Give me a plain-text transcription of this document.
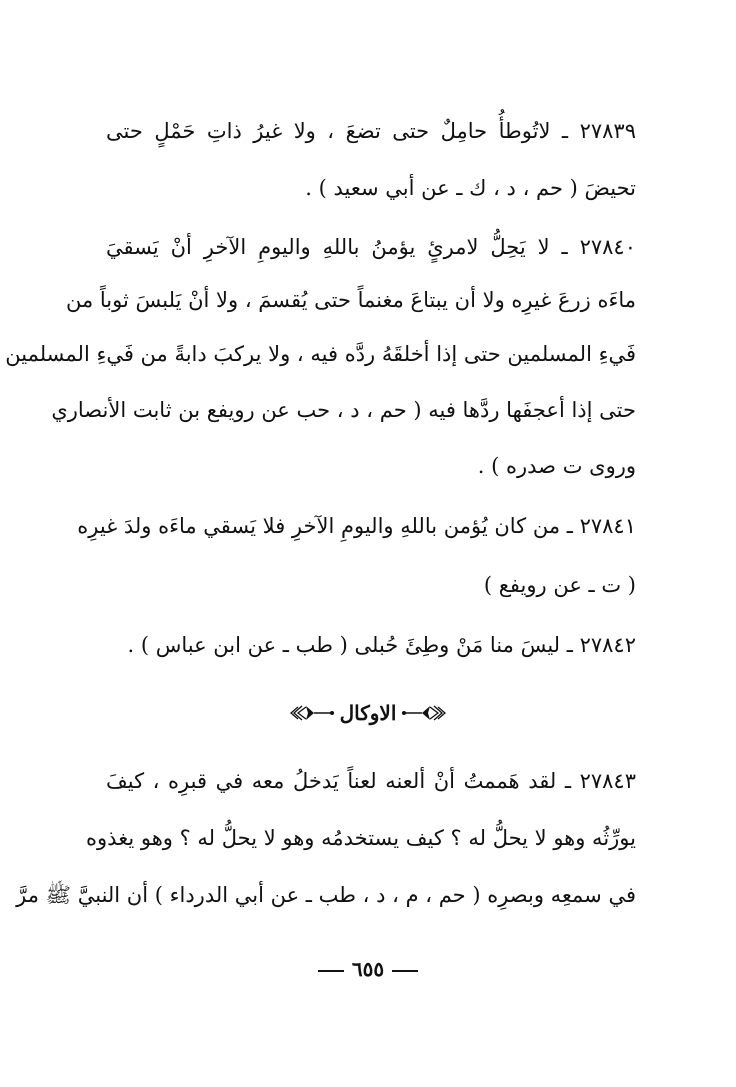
٢٧٨٣٩ ـ لاتُوطأُ حامِلٌ حتى تضعَ ، ولا غيرُ ذاتِ حَمْلٍ حتى
تحيضَ ( حم ، د ، ك ـ عن أبي سعيد ) .
٢٧٨٤٠ ـ لا يَحِلُّ لامرئٍ يؤمنُ باللهِ واليومِ الآخرِ أنْ يَسقيَ
ماءَه زرعَ غيرِه ولا أن يبتاعَ مغنماً حتى يُقسمَ ، ولا أنْ يَلبسَ ثوباً من
فَيءِ المسلمين حتى إذا أخلقَهُ ردَّه فيه ، ولا يركبَ دابةً من فَيءِ المسلمين
حتى إذا أعجفَها ردَّها فيه ( حم ، د ، حب عن رويفع بن ثابت الأنصاري
وروى ت صدره ) .
٢٧٨٤١ ـ من كان يُؤمن باللهِ واليومِ الآخرِ فلا يَسقي ماءَه ولدَ غيرِه
( ت ـ عن رويفع )
٢٧٨٤٢ ـ ليسَ منا مَنْ وطِئَ حُبلى ( طب ـ عن ابن عباس ) .
الاوكال
٢٧٨٤٣ ـ لقد هَممتُ أنْ ألعنه لعناً يَدخلُ معه في قبرِه ، كيفَ
يورِّثُه وهو لا يحلُّ له ؟ كيف يستخدمُه وهو لا يحلُّ له ؟ وهو يغذوه
في سمعِه وبصرِه ( حم ، م ، د ، طب ـ عن أبي الدرداء ) أن النبيَّ ﷺ مرَّ
٦٥٥
